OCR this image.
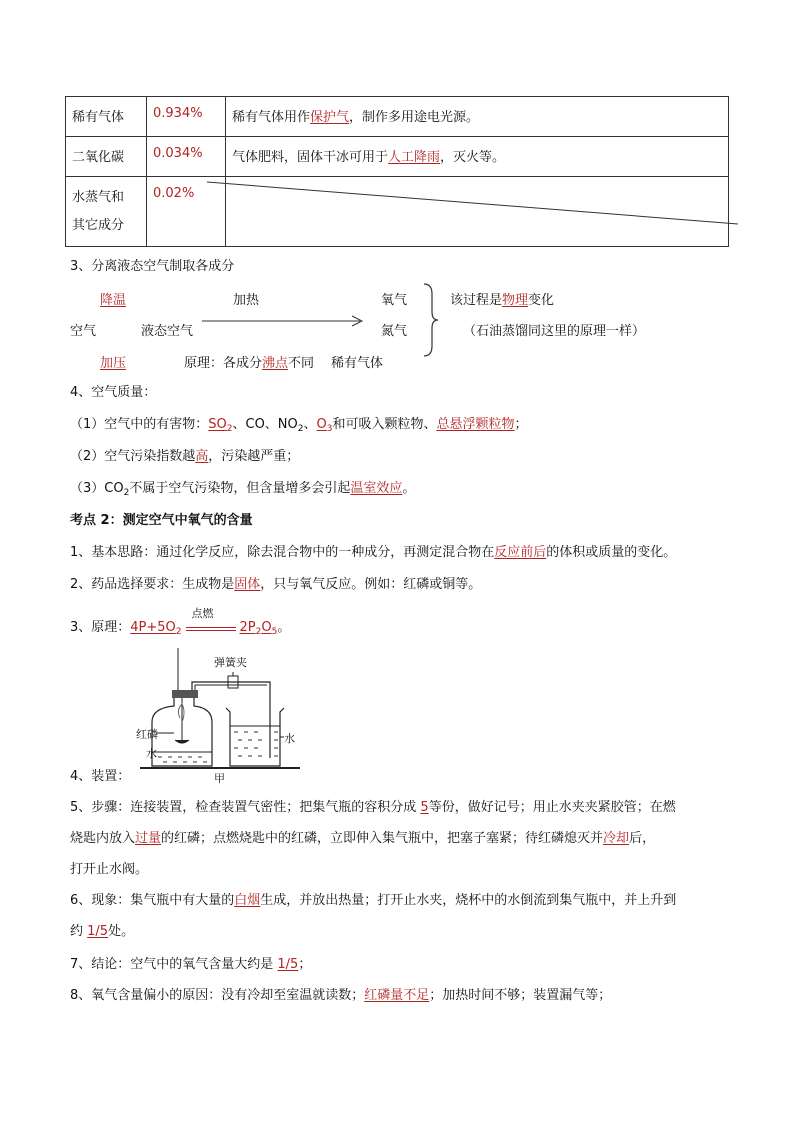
稀有气体	0.934%	稀有气体用作保护气，制作多用途电光源。
二氧化碳	0.034%	气体肥料，固体干冰可用于人工降雨，灭火等。
水蒸气和
其它成分	0.02%	
3、分离液态空气制取各成分
降温	加热	氧气	该过程是物理变化
空气	液态空气	氮气	（石油蒸馏同这里的原理一样）
加压	原理：各成分沸点不同 稀有气体
4、空气质量：
（1）空气中的有害物：$SO_2$、CO、$NO_2$、$O_3$和可吸入颗粒物、总悬浮颗粒物；
（2）空气污染指数越高，污染越严重；
$(3)CO_2$不属于空气污染物，但含量增多会引起温室效应。
考点 2：测定空气中氧气的含量
1、基本思路：通过化学反应，除去混合物中的一种成分，再测定混合物在反应前后的体积或质量的变化。
2、药品选择要求：生成物是固体，只与氧气反应。例如：红磷或铜等。
3、原理：$4P+5O_2$
点燃
$2P_2O_5$。
弹簧夹
红磷
水
水
甲
4、装置：
5、步骤：连接装置，检查装置气密性；把集气瓶的容积分成 5等份，做好记号；用止水夹夹紧胶管；在燃
烧匙内放入过量的红磷；点燃烧匙中的红磷，立即伸入集气瓶中，把塞子塞紧；待红磷熄灭并冷却后，
打开止水阀。
6、现象：集气瓶中有大量的白烟生成，并放出热量；打开止水夹，烧杯中的水倒流到集气瓶中，并上升到
约 1/5处。
7、结论：空气中的氧气含量大约是 1/5；
8、氧气含量偏小的原因：没有冷却至室温就读数；红磷量不足；加热时间不够；装置漏气等；
